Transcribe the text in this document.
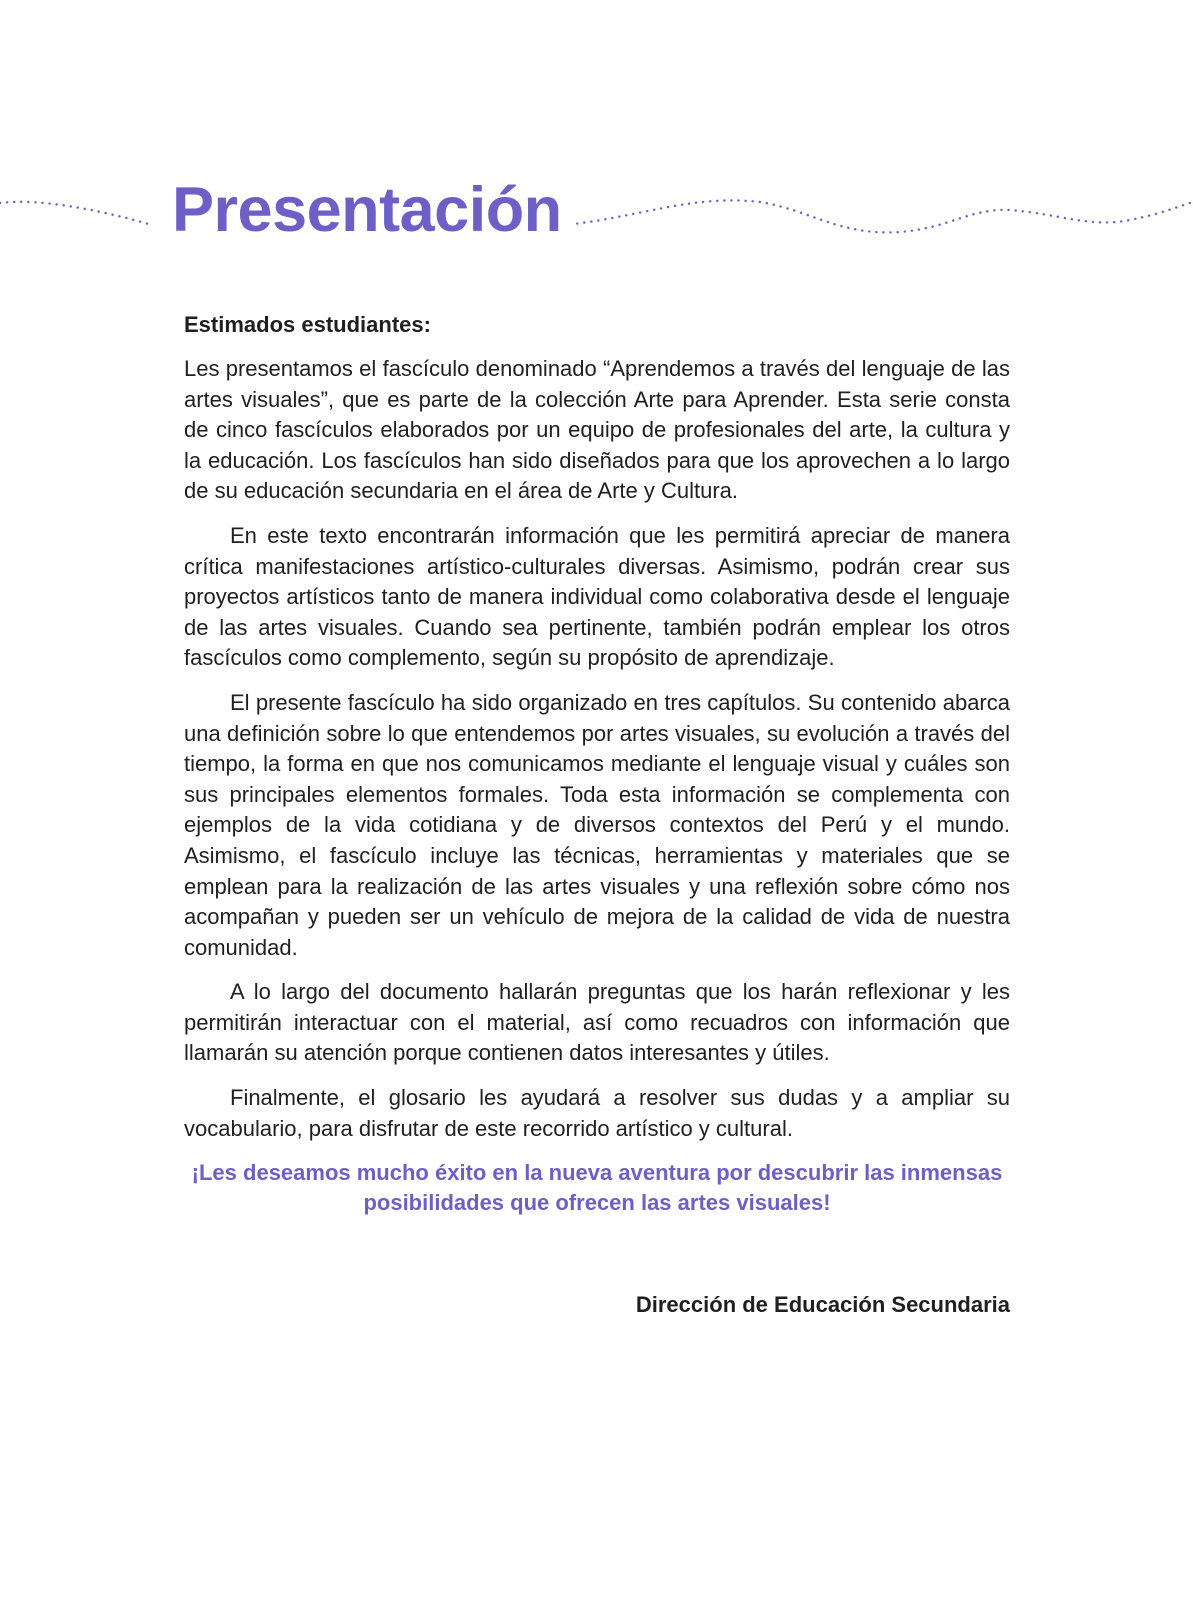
Presentación

Estimados estudiantes:

Les presentamos el fascículo denominado “Aprendemos a través del lenguaje de las artes visuales”, que es parte de la colección Arte para Aprender. Esta serie consta de cinco fascículos elaborados por un equipo de profesionales del arte, la cultura y la educación. Los fascículos han sido diseñados para que los aprovechen a lo largo de su educación secundaria en el área de Arte y Cultura.

En este texto encontrarán información que les permitirá apreciar de manera crítica manifestaciones artístico-culturales diversas. Asimismo, podrán crear sus proyectos artísticos tanto de manera individual como colaborativa desde el lenguaje de las artes visuales. Cuando sea pertinente, también podrán emplear los otros fascículos como complemento, según su propósito de aprendizaje.

El presente fascículo ha sido organizado en tres capítulos. Su contenido abarca una definición sobre lo que entendemos por artes visuales, su evolución a través del tiempo, la forma en que nos comunicamos mediante el lenguaje visual y cuáles son sus principales elementos formales. Toda esta información se complementa con ejemplos de la vida cotidiana y de diversos contextos del Perú y el mundo. Asimismo, el fascículo incluye las técnicas, herramientas y materiales que se emplean para la realización de las artes visuales y una reflexión sobre cómo nos acompañan y pueden ser un vehículo de mejora de la calidad de vida de nuestra comunidad.

A lo largo del documento hallarán preguntas que los harán reflexionar y les permitirán interactuar con el material, así como recuadros con información que llamarán su atención porque contienen datos interesantes y útiles.

Finalmente, el glosario les ayudará a resolver sus dudas y a ampliar su vocabulario, para disfrutar de este recorrido artístico y cultural.

¡Les deseamos mucho éxito en la nueva aventura por descubrir las inmensas posibilidades que ofrecen las artes visuales!

Dirección de Educación Secundaria
